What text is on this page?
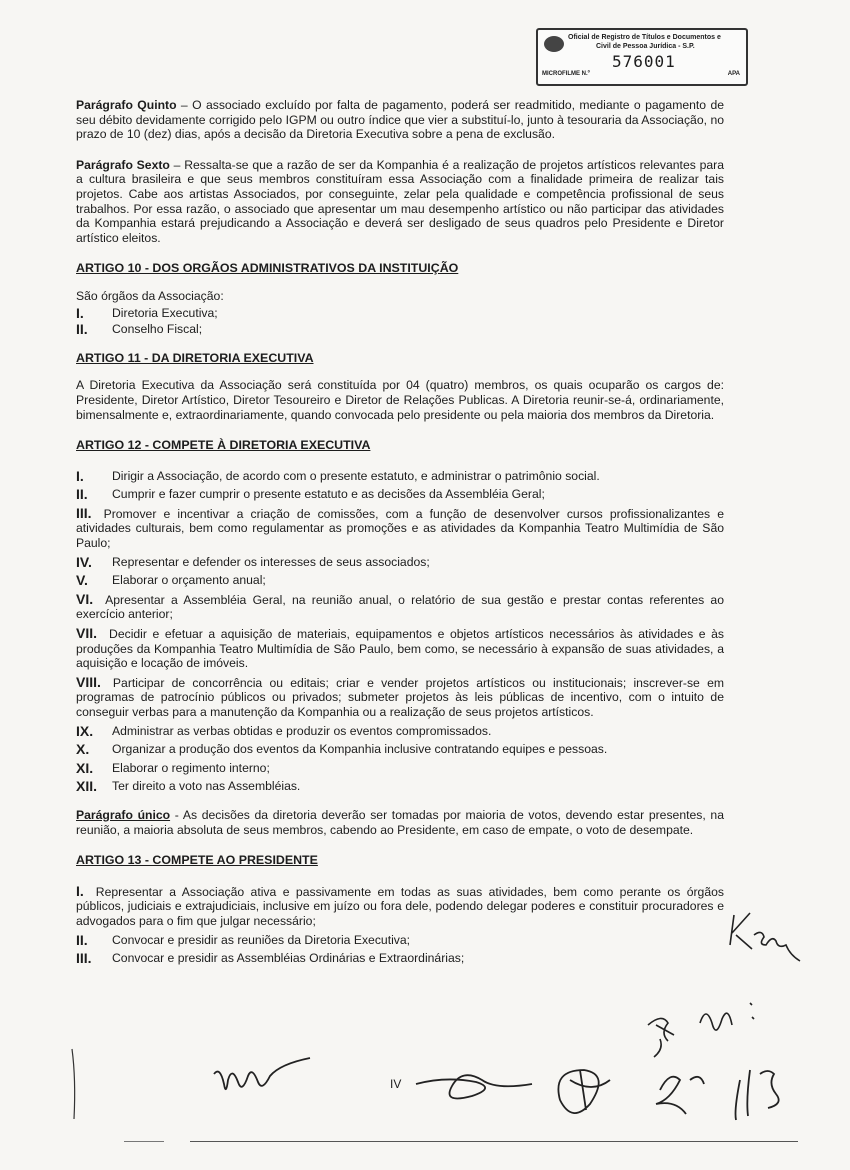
Oficial de Registro de Títulos e Documentos e
Civil de Pessoa Jurídica - S.P.
576001
MICROFILME N.º	APA

Parágrafo Quinto – O associado excluído por falta de pagamento, poderá ser readmitido, mediante o pagamento de seu débito devidamente corrigido pelo IGPM ou outro índice que vier a substituí-lo, junto à tesouraria da Associação, no prazo de 10 (dez) dias, após a decisão da Diretoria Executiva sobre a pena de exclusão.

Parágrafo Sexto – Ressalta-se que a razão de ser da Kompanhia é a realização de projetos artísticos relevantes para a cultura brasileira e que seus membros constituíram essa Associação com a finalidade primeira de realizar tais projetos. Cabe aos artistas Associados, por conseguinte, zelar pela qualidade e competência profissional de seus trabalhos. Por essa razão, o associado que apresentar um mau desempenho artístico ou não participar das atividades da Kompanhia estará prejudicando a Associação e deverá ser desligado de seus quadros pelo Presidente e Diretor artístico eleitos.

ARTIGO 10 - DOS ORGÃOS ADMINISTRATIVOS DA INSTITUIÇÃO
São órgãos da Associação:
I.	Diretoria Executiva;
II.	Conselho Fiscal;
ARTIGO 11 - DA DIRETORIA EXECUTIVA

A Diretoria Executiva da Associação será constituída por 04 (quatro) membros, os quais ocuparão os cargos de: Presidente, Diretor Artístico, Diretor Tesoureiro e Diretor de Relações Publicas. A Diretoria reunir-se-á, ordinariamente, bimensalmente e, extraordinariamente, quando convocada pelo presidente ou pela maioria dos membros da Diretoria.

ARTIGO 12 - COMPETE À DIRETORIA EXECUTIVA
I.	Dirigir a Associação, de acordo com o presente estatuto, e administrar o patrimônio social.
II.	Cumprir e fazer cumprir o presente estatuto e as decisões da Assembléia Geral;
III. Promover e incentivar a criação de comissões, com a função de desenvolver cursos profissionalizantes e atividades culturais, bem como regulamentar as promoções e as atividades da Kompanhia Teatro Multimídia de São Paulo;
IV.	Representar e defender os interesses de seus associados;
V.	Elaborar o orçamento anual;
VI. Apresentar a Assembléia Geral, na reunião anual, o relatório de sua gestão e prestar contas referentes ao exercício anterior;
VII. Decidir e efetuar a aquisição de materiais, equipamentos e objetos artísticos necessários às atividades e às produções da Kompanhia Teatro Multimídia de São Paulo, bem como, se necessário à expansão de suas atividades, a aquisição e locação de imóveis.
VIII. Participar de concorrência ou editais; criar e vender projetos artísticos ou institucionais; inscrever-se em programas de patrocínio públicos ou privados; submeter projetos às leis públicas de incentivo, com o intuito de conseguir verbas para a manutenção da Kompanhia ou a realização de seus projetos artísticos.
IX.	Administrar as verbas obtidas e produzir os eventos compromissados.
X.	Organizar a produção dos eventos da Kompanhia inclusive contratando equipes e pessoas.
XI.	Elaborar o regimento interno;
XII.	Ter direito a voto nas Assembléias.

Parágrafo único - As decisões da diretoria deverão ser tomadas por maioria de votos, devendo estar presentes, na reunião, a maioria absoluta de seus membros, cabendo ao Presidente, em caso de empate, o voto de desempate.

ARTIGO 13 - COMPETE AO PRESIDENTE
I. Representar a Associação ativa e passivamente em todas as suas atividades, bem como perante os órgãos públicos, judiciais e extrajudiciais, inclusive em juízo ou fora dele, podendo delegar poderes e constituir procuradores e advogados para o fim que julgar necessário;
II.	Convocar e presidir as reuniões da Diretoria Executiva;
III.	Convocar e presidir as Assembléias Ordinárias e Extraordinárias;
IV
